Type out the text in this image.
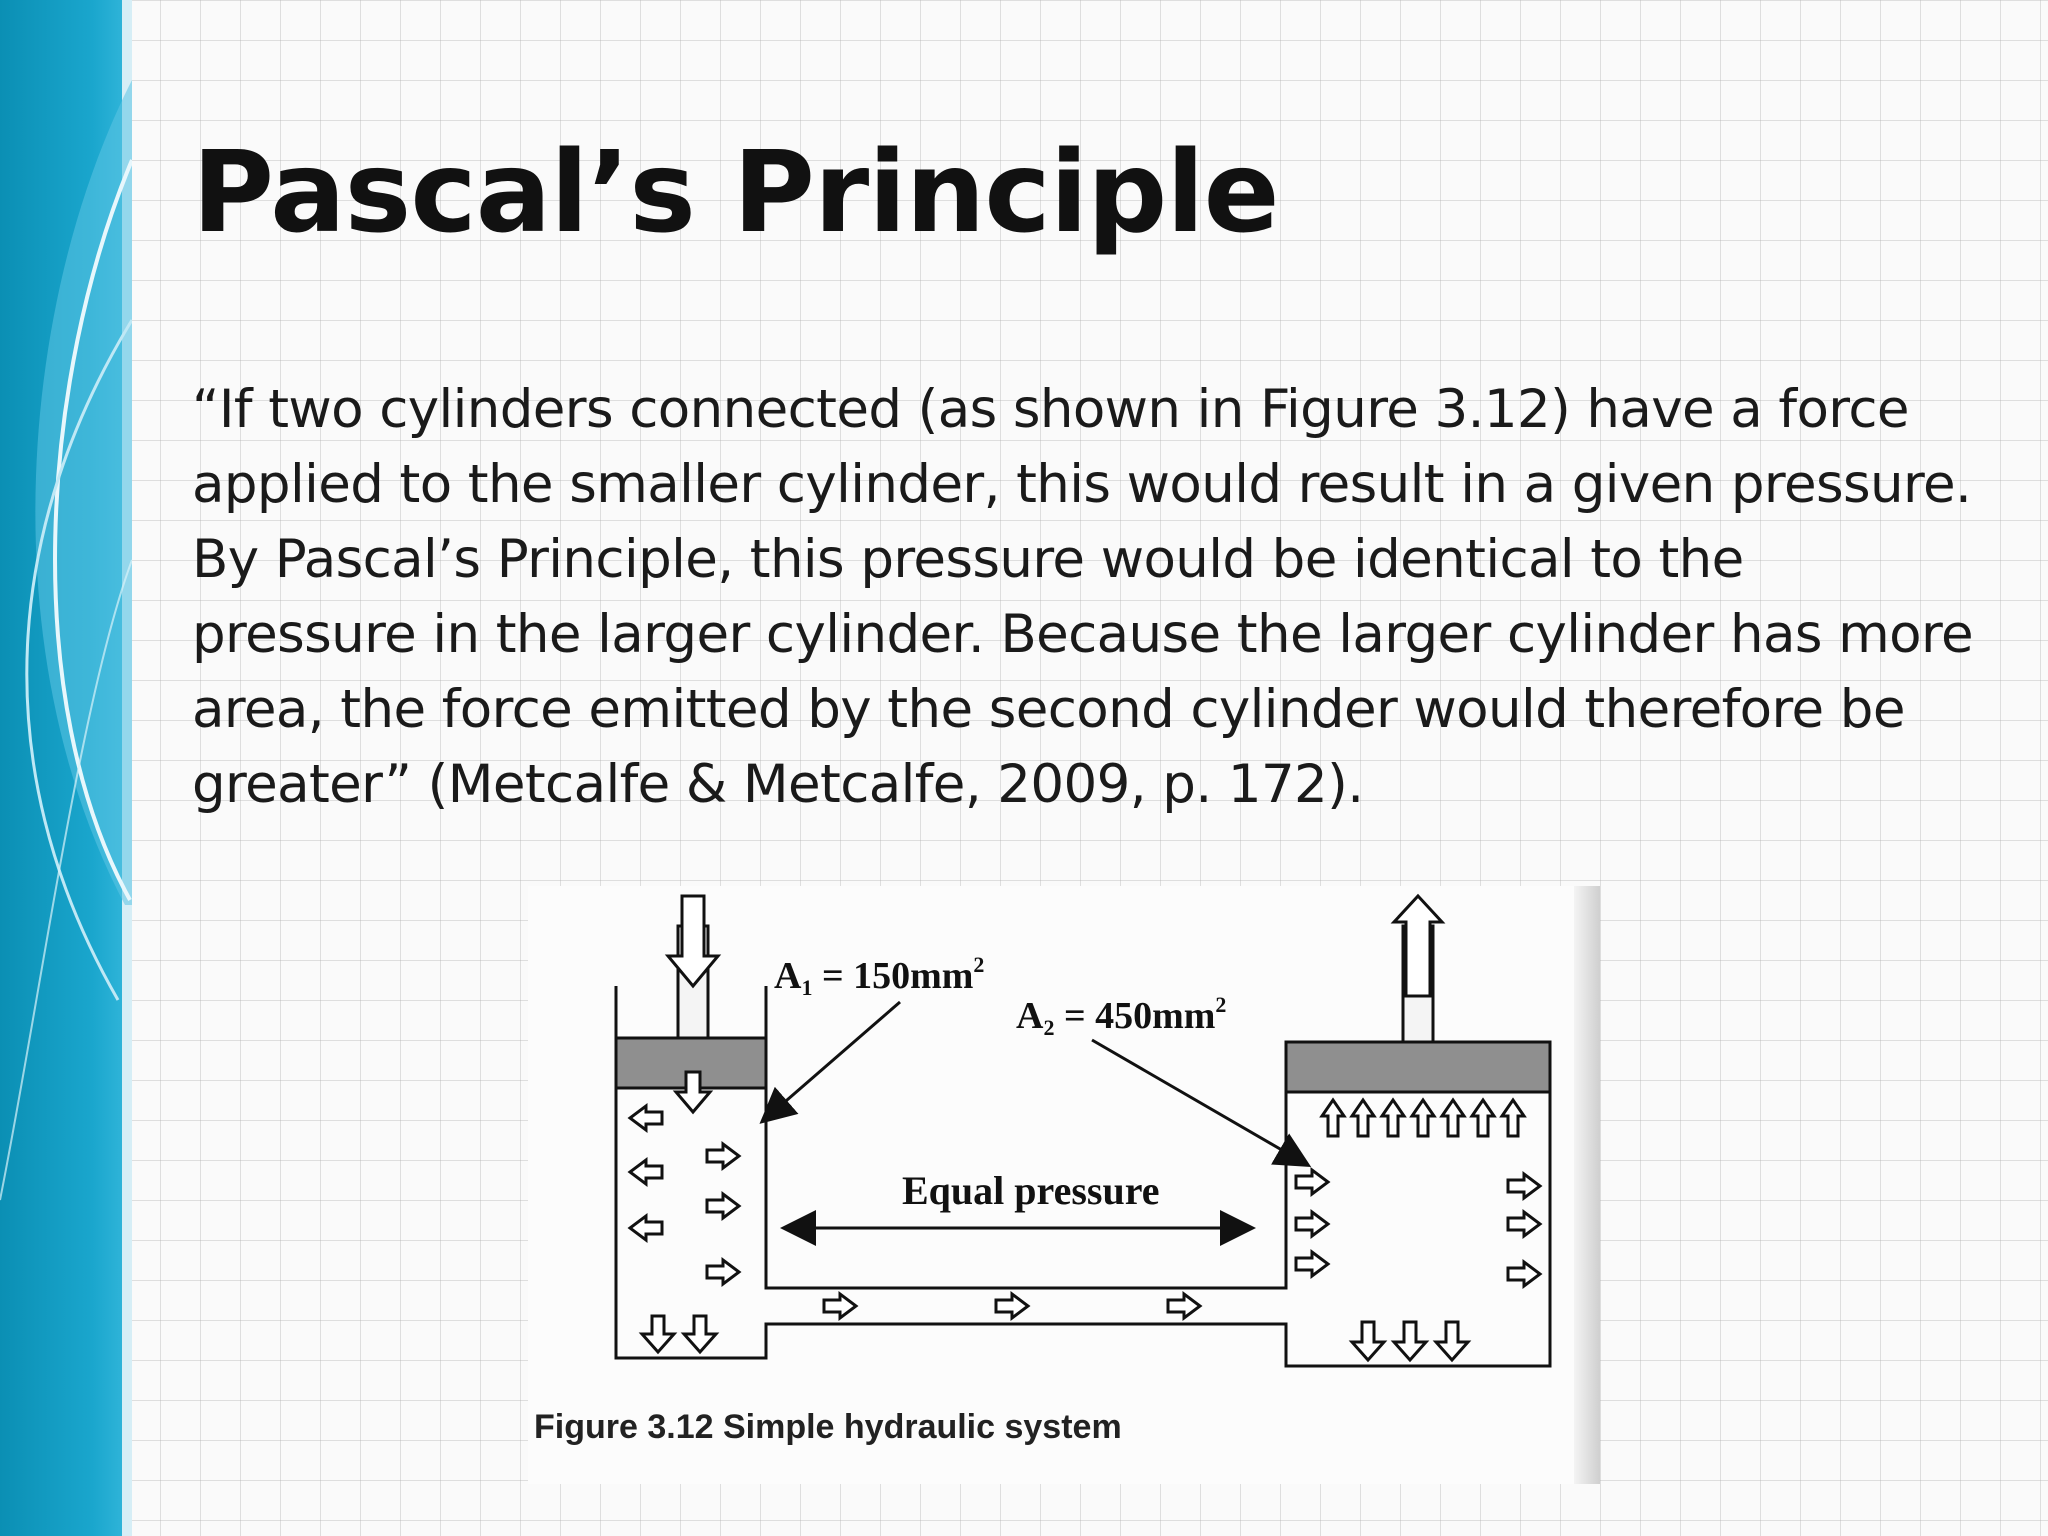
Pascal’s Principle

“If two cylinders connected (as shown in Figure 3.12) have a force applied to the smaller cylinder, this would result in a given pressure. By Pascal’s Principle, this pressure would be identical to the pressure in the larger cylinder. Because the larger cylinder has more area, the force emitted by the second cylinder would therefore be greater” (Metcalfe & Metcalfe, 2009, p. 172).

$A1 = 150mm^2$
$A2 = 450mm^2$
Equal pressure
Figure 3.12 Simple hydraulic system
